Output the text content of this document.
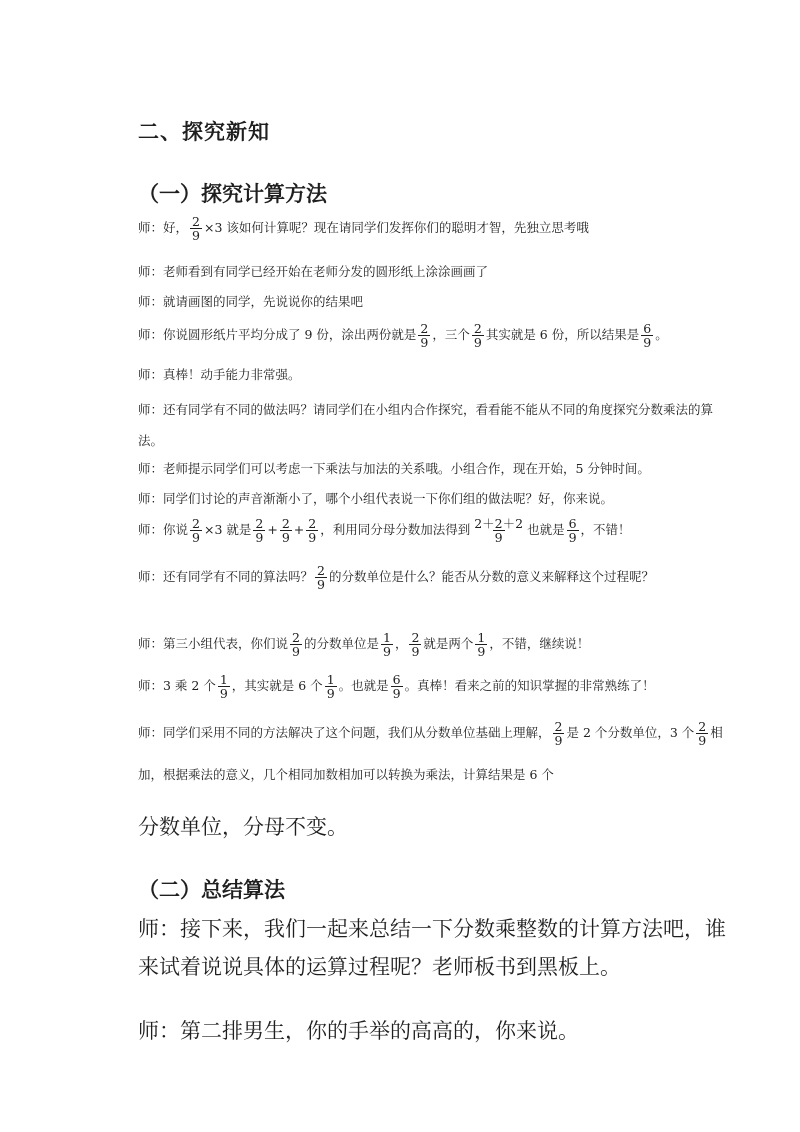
二、探究新知
（一）探究计算方法
师：好， $\frac{2}{9} \times 3$ 该如何计算呢？现在请同学们发挥你们的聪明才智，先独立思考哦
师：老师看到有同学已经开始在老师分发的圆形纸上涂涂画画了
师：就请画图的同学，先说说你的结果吧
师：你说圆形纸片平均分成了 9 份，涂出两份就是 $\frac{2}{9}$ ，三个 $\frac{2}{9}$ 其实就是 6 份，所以结果是 $\frac{6}{9}$ 。
师：真棒！动手能力非常强。
师：还有同学有不同的做法吗？请同学们在小组内合作探究，看看能不能从不同的角度探究分数乘法的算法。
师：老师提示同学们可以考虑一下乘法与加法的关系哦。小组合作，现在开始，5 分钟时间。
师：同学们讨论的声音渐渐小了，哪个小组代表说一下你们组的做法呢？好，你来说。
师：你说 $\frac{2}{9} \times 3$ 就是 $\frac{2}{9} + \frac{2}{9} + \frac{2}{9}$ ，利用同分母分数加法得到 $\frac{2+2+2}{9}$ 也就是 $\frac{6}{9}$ ，不错！
师：还有同学有不同的算法吗？ $\frac{2}{9}$ 的分数单位是什么？能否从分数的意义来解释这个过程呢？
师：第三小组代表，你们说 $\frac{2}{9}$ 的分数单位是 $\frac{1}{9}$ ， $\frac{2}{9}$ 就是两个 $\frac{1}{9}$ ，不错，继续说！
师：3 乘 2 个 $\frac{1}{9}$ ，其实就是 6 个 $\frac{1}{9}$ 。也就是 $\frac{6}{9}$ 。真棒！看来之前的知识掌握的非常熟练了！
师：同学们采用不同的方法解决了这个问题，我们从分数单位基础上理解， $\frac{2}{9}$ 是 2 个分数单位，3 个 $\frac{2}{9}$ 相加，根据乘法的意义，几个相同加数相加可以转换为乘法，计算结果是 6 个
分数单位，分母不变。
（二）总结算法
师：接下来，我们一起来总结一下分数乘整数的计算方法吧，谁来试着说说具体的运算过程呢？老师板书到黑板上。
师：第二排男生，你的手举的高高的，你来说。
